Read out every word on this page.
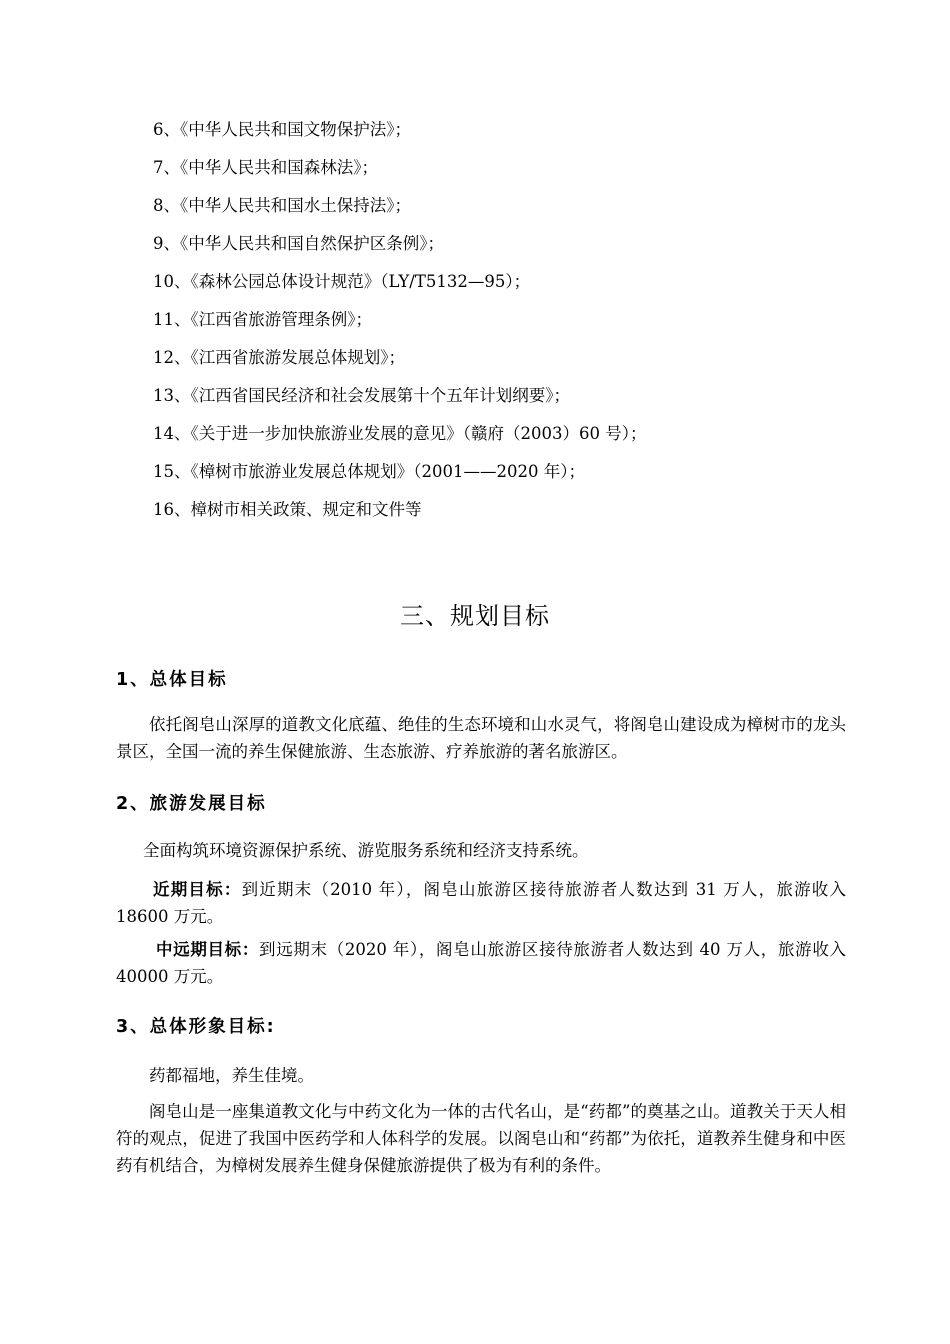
6、《中华人民共和国文物保护法》；
7、《中华人民共和国森林法》；
8、《中华人民共和国水土保持法》；
9、《中华人民共和国自然保护区条例》；
10、《森林公园总体设计规范》（LY/T5132—95）；
11、《江西省旅游管理条例》；
12、《江西省旅游发展总体规划》；
13、《江西省国民经济和社会发展第十个五年计划纲要》；
14、《关于进一步加快旅游业发展的意见》（赣府（2003）60 号）；
15、《樟树市旅游业发展总体规划》（2001——2020 年）；
16、樟树市相关政策、规定和文件等
三、规划目标
1、总体目标

依托阁皂山深厚的道教文化底蕴、绝佳的生态环境和山水灵气，将阁皂山建设成为樟树市的龙头景区，全国一流的养生保健旅游、生态旅游、疗养旅游的著名旅游区。

2、旅游发展目标

全面构筑环境资源保护系统、游览服务系统和经济支持系统。

近期目标：到近期末（2010 年），阁皂山旅游区接待旅游者人数达到 31 万人，旅游收入 18600 万元。

中远期目标：到远期末（2020 年），阁皂山旅游区接待旅游者人数达到 40 万人，旅游收入 40000 万元。

3、总体形象目标:

药都福地，养生佳境。

阁皂山是一座集道教文化与中药文化为一体的古代名山，是“药都”的奠基之山。道教关于天人相符的观点，促进了我国中医药学和人体科学的发展。以阁皂山和“药都”为依托，道教养生健身和中医药有机结合，为樟树发展养生健身保健旅游提供了极为有利的条件。
